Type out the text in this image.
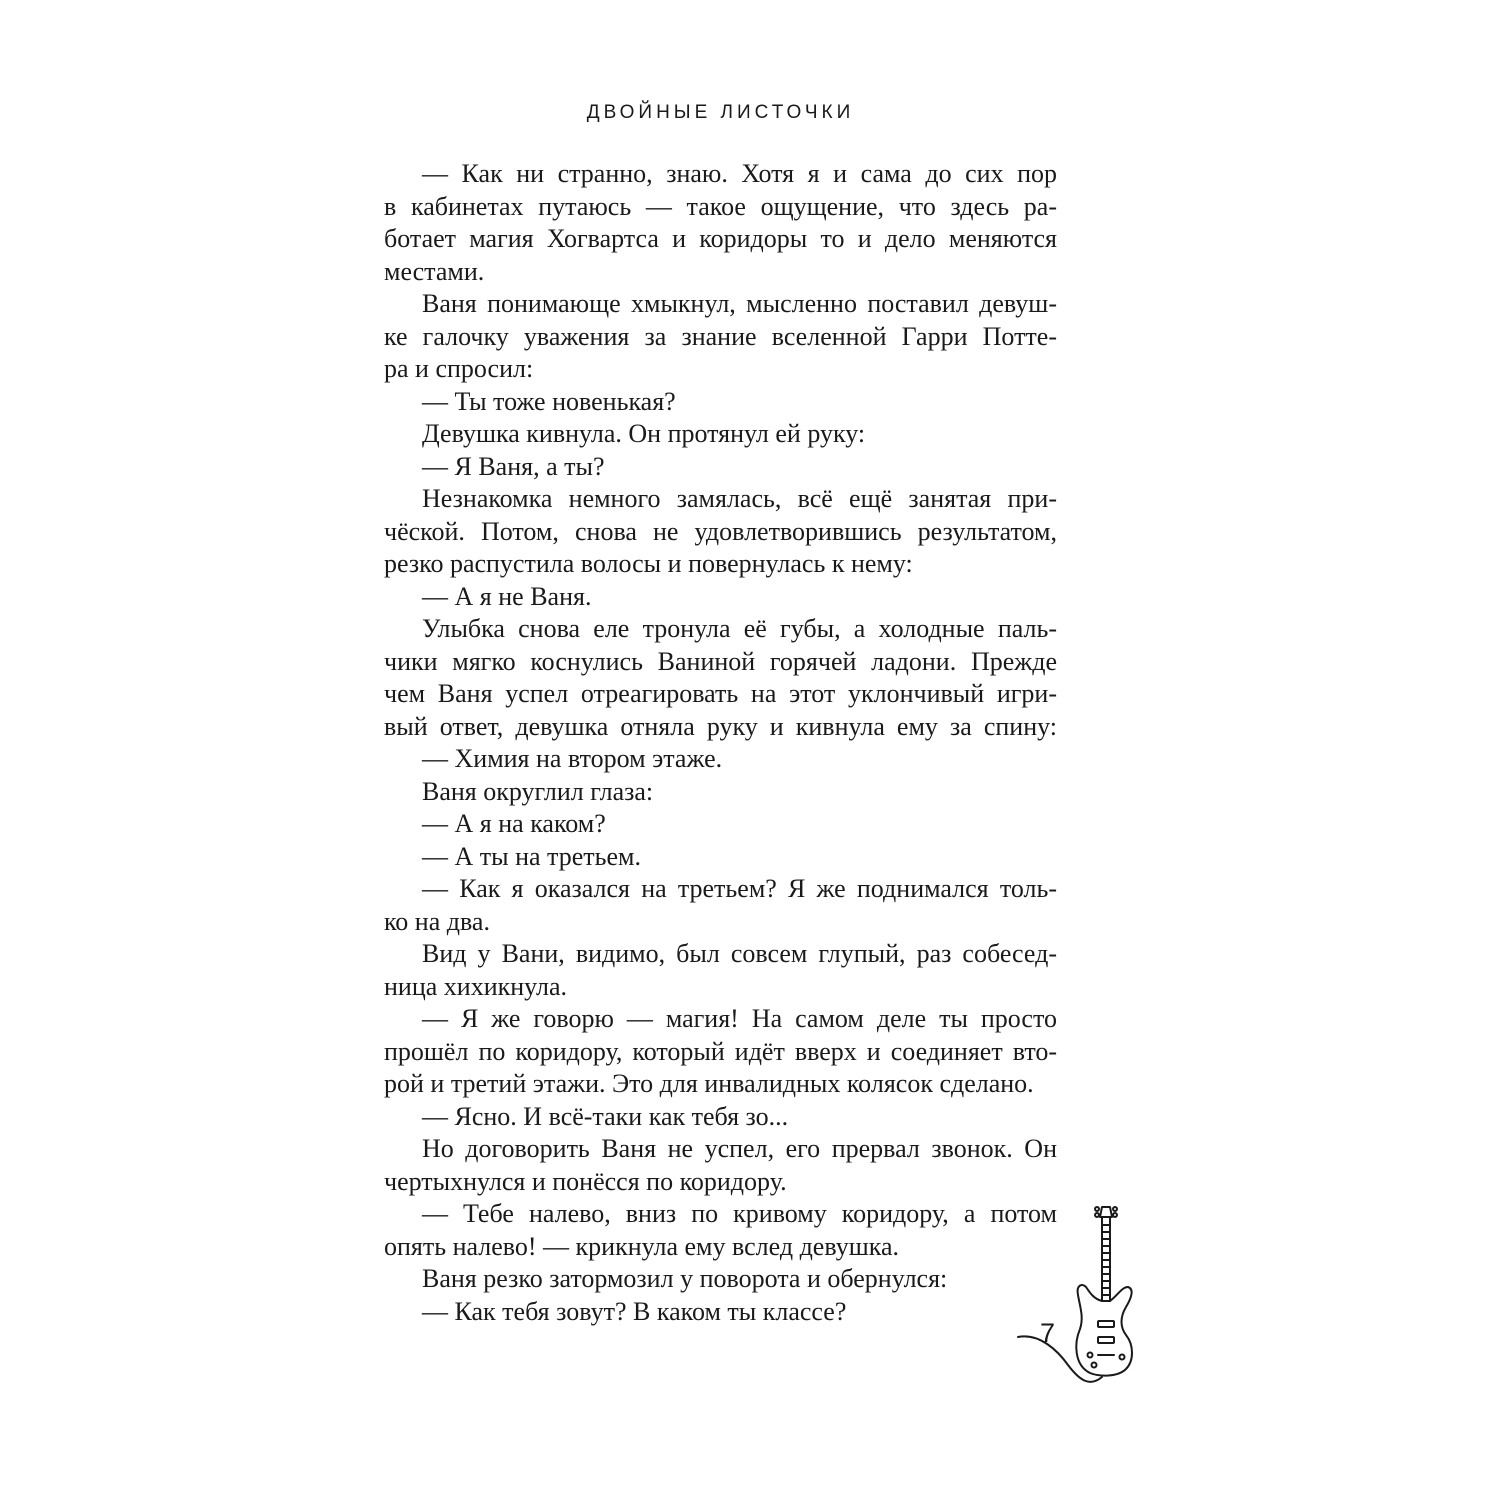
ДВОЙНЫЕ ЛИСТОЧКИ
— Как ни странно, знаю. Хотя я и сама до сих пор
в кабинетах путаюсь — такое ощущение, что здесь ра-
ботает магия Хогвартса и коридоры то и дело меняются
местами.
Ваня понимающе хмыкнул, мысленно поставил девуш-
ке галочку уважения за знание вселенной Гарри Потте-
ра и спросил:
— Ты тоже новенькая?
Девушка кивнула. Он протянул ей руку:
— Я Ваня, а ты?
Незнакомка немного замялась, всё ещё занятая при-
чёской. Потом, снова не удовлетворившись результатом,
резко распустила волосы и повернулась к нему:
— А я не Ваня.
Улыбка снова еле тронула её губы, а холодные паль-
чики мягко коснулись Ваниной горячей ладони. Прежде
чем Ваня успел отреагировать на этот уклончивый игри-
вый ответ, девушка отняла руку и кивнула ему за спину:
— Химия на втором этаже.
Ваня округлил глаза:
— А я на каком?
— А ты на третьем.
— Как я оказался на третьем? Я же поднимался толь-
ко на два.
Вид у Вани, видимо, был совсем глупый, раз собесед-
ница хихикнула.
— Я же говорю — магия! На самом деле ты просто
прошёл по коридору, который идёт вверх и соединяет вто-
рой и третий этажи. Это для инвалидных колясок сделано.
— Ясно. И всё-таки как тебя зо...
Но договорить Ваня не успел, его прервал звонок. Он
чертыхнулся и понёсся по коридору.
— Тебе налево, вниз по кривому коридору, а потом
опять налево! — крикнула ему вслед девушка.
Ваня резко затормозил у поворота и обернулся:
— Как тебя зовут? В каком ты классе?
7
